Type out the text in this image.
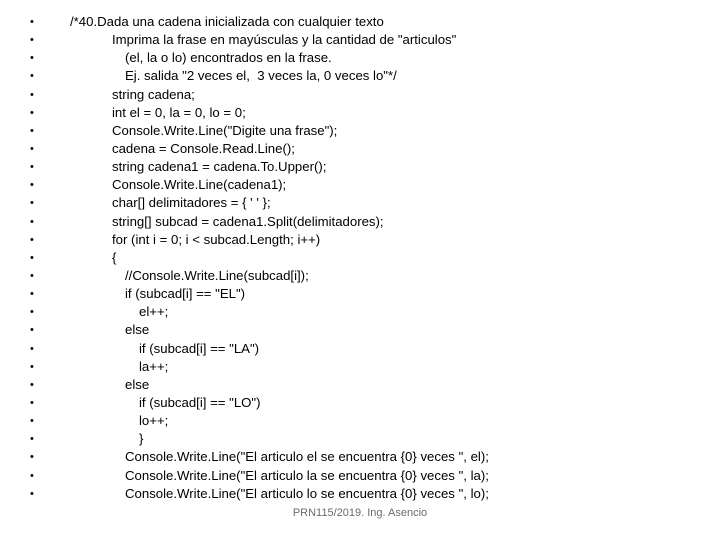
•	/*40.Dada una cadena inicializada con cualquier texto
•	Imprima la frase en mayúsculas y la cantidad de "articulos"
•	(el, la o lo) encontrados en la frase.
•	Ej. salida "2 veces el,  3 veces la, 0 veces lo"*/
•	string cadena;
•	int el = 0, la = 0, lo = 0;
•	Console.Write.Line("Digite una frase");
•	cadena = Console.Read.Line();
•	string cadena1 = cadena.To.Upper();
•	Console.Write.Line(cadena1);
•	char[] delimitadores = { ' ' };
•	string[] subcad = cadena1.Split(delimitadores);
•	for (int i = 0; i < subcad.Length; i++)
•	{
•	//Console.Write.Line(subcad[i]);
•	if (subcad[i] == "EL")
•	el++;
•	else
•	if (subcad[i] == "LA")
•	la++;
•	else
•	if (subcad[i] == "LO")
•	lo++;
•	}
•	Console.Write.Line("El articulo el se encuentra {0} veces ", el);
•	Console.Write.Line("El articulo la se encuentra {0} veces ", la);
•	Console.Write.Line("El articulo lo se encuentra {0} veces ", lo);
PRN115/2019. Ing. Asencio
